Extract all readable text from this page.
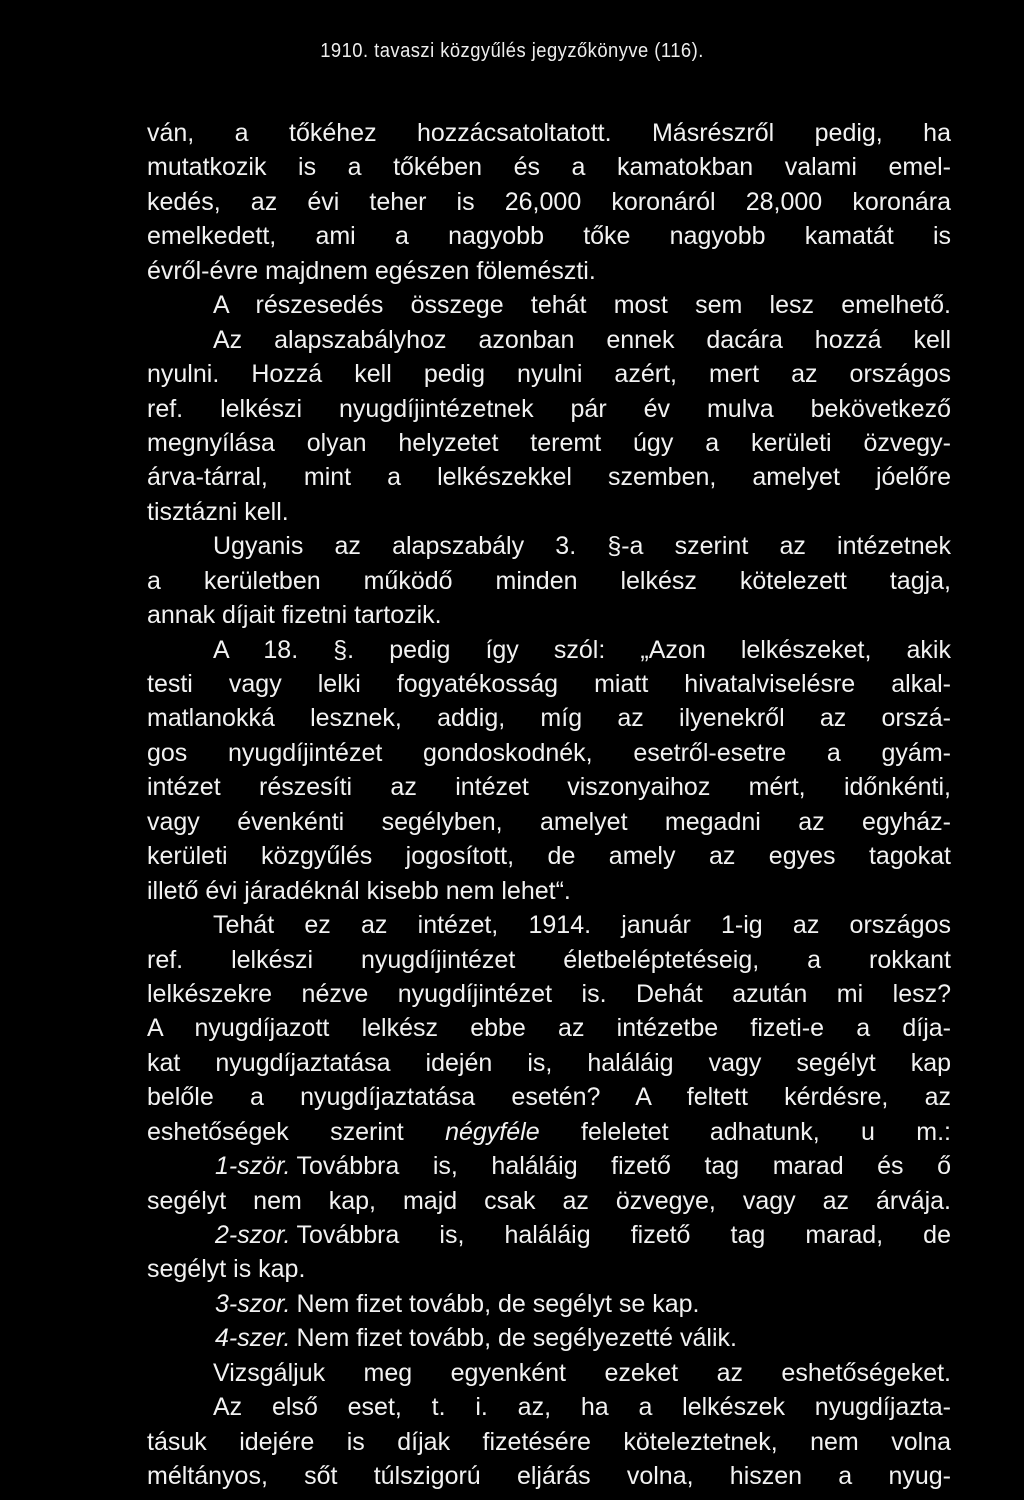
1910. tavaszi közgyűlés jegyzőkönyve (116).
ván, a tőkéhez hozzácsatoltatott. Másrészről pedig, ha
mutatkozik is a tőkében és a kamatokban valami emel-
kedés, az évi teher is 26,000 koronáról 28,000 koronára
emelkedett, ami a nagyobb tőke nagyobb kamatát is
évről-évre majdnem egészen fölemészti.
A részesedés összege tehát most sem lesz emelhető.
Az alapszabályhoz azonban ennek dacára hozzá kell
nyulni. Hozzá kell pedig nyulni azért, mert az országos
ref. lelkészi nyugdíjintézetnek pár év mulva bekövetkező
megnyílása olyan helyzetet teremt úgy a kerületi özvegy-
árva-tárral, mint a lelkészekkel szemben, amelyet jóelőre
tisztázni kell.
Ugyanis az alapszabály 3. §-a szerint az intézetnek
a kerületben működő minden lelkész kötelezett tagja,
annak díjait fizetni tartozik.
A 18. §. pedig így szól: „Azon lelkészeket, akik
testi vagy lelki fogyatékosság miatt hivatalviselésre alkal-
matlanokká lesznek, addig, míg az ilyenekről az orszá-
gos nyugdíjintézet gondoskodnék, esetről-esetre a gyám-
intézet részesíti az intézet viszonyaihoz mért, időnkénti,
vagy évenkénti segélyben, amelyet megadni az egyház-
kerületi közgyűlés jogosított, de amely az egyes tagokat
illető évi járadéknál kisebb nem lehet“.
Tehát ez az intézet, 1914. január 1-ig az országos
ref. lelkészi nyugdíjintézet életbeléptetéseig, a rokkant
lelkészekre nézve nyugdíjintézet is. Dehát azután mi lesz?
A nyugdíjazott lelkész ebbe az intézetbe fizeti-e a díja-
kat nyugdíjaztatása idején is, haláláig vagy segélyt kap
belőle a nyugdíjaztatása esetén? A feltett kérdésre, az
eshetőségek szerint négyféle feleletet adhatunk, u m.:
1-ször. Továbbra is, haláláig fizető tag marad és ő
segélyt nem kap, majd csak az özvegye, vagy az árvája.
2-szor. Továbbra is, haláláig fizető tag marad, de
segélyt is kap.
3-szor. Nem fizet tovább, de segélyt se kap.
4-szer. Nem fizet tovább, de segélyezetté válik.
Vizsgáljuk meg egyenként ezeket az eshetőségeket.
Az első eset, t. i. az, ha a lelkészek nyugdíjazta-
tásuk idejére is díjak fizetésére köteleztetnek, nem volna
méltányos, sőt túlszigorú eljárás volna, hiszen a nyug-
